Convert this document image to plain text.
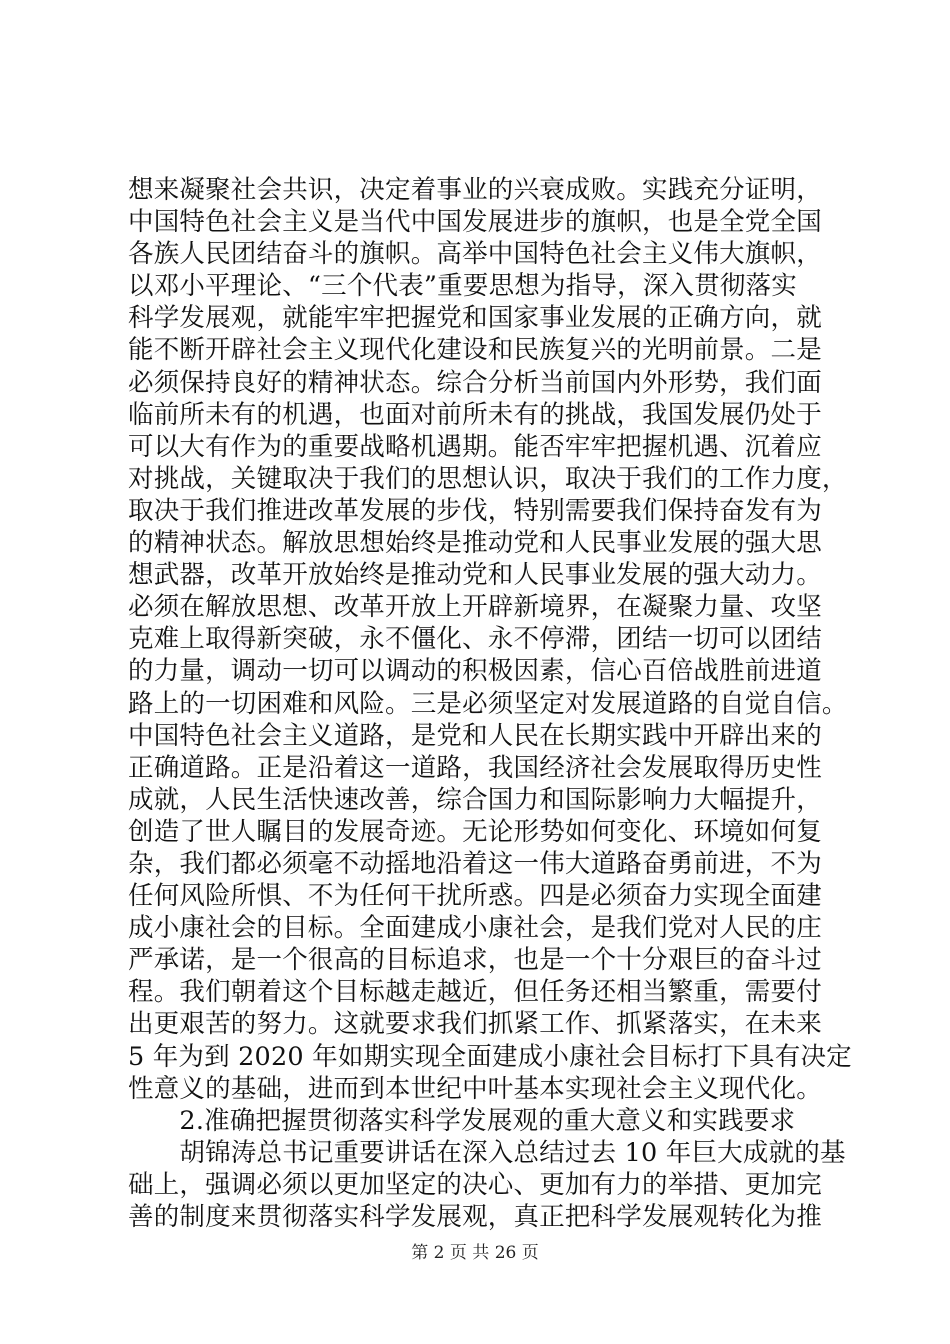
想来凝聚社会共识，决定着事业的兴衰成败。实践充分证明，
中国特色社会主义是当代中国发展进步的旗帜，也是全党全国
各族人民团结奋斗的旗帜。高举中国特色社会主义伟大旗帜，
以邓小平理论、“三个代表”重要思想为指导，深入贯彻落实
科学发展观，就能牢牢把握党和国家事业发展的正确方向，就
能不断开辟社会主义现代化建设和民族复兴的光明前景。二是
必须保持良好的精神状态。综合分析当前国内外形势，我们面
临前所未有的机遇，也面对前所未有的挑战，我国发展仍处于
可以大有作为的重要战略机遇期。能否牢牢把握机遇、沉着应
对挑战，关键取决于我们的思想认识，取决于我们的工作力度，
取决于我们推进改革发展的步伐，特别需要我们保持奋发有为
的精神状态。解放思想始终是推动党和人民事业发展的强大思
想武器，改革开放始终是推动党和人民事业发展的强大动力。
必须在解放思想、改革开放上开辟新境界，在凝聚力量、攻坚
克难上取得新突破，永不僵化、永不停滞，团结一切可以团结
的力量，调动一切可以调动的积极因素，信心百倍战胜前进道
路上的一切困难和风险。三是必须坚定对发展道路的自觉自信。
中国特色社会主义道路，是党和人民在长期实践中开辟出来的
正确道路。正是沿着这一道路，我国经济社会发展取得历史性
成就，人民生活快速改善，综合国力和国际影响力大幅提升，
创造了世人瞩目的发展奇迹。无论形势如何变化、环境如何复
杂，我们都必须毫不动摇地沿着这一伟大道路奋勇前进，不为
任何风险所惧、不为任何干扰所惑。四是必须奋力实现全面建
成小康社会的目标。全面建成小康社会，是我们党对人民的庄
严承诺，是一个很高的目标追求，也是一个十分艰巨的奋斗过
程。我们朝着这个目标越走越近，但任务还相当繁重，需要付
出更艰苦的努力。这就要求我们抓紧工作、抓紧落实，在未来
5 年为到 2020 年如期实现全面建成小康社会目标打下具有决定
性意义的基础，进而到本世纪中叶基本实现社会主义现代化。
　　2.准确把握贯彻落实科学发展观的重大意义和实践要求
　　胡锦涛总书记重要讲话在深入总结过去 10 年巨大成就的基
础上，强调必须以更加坚定的决心、更加有力的举措、更加完
善的制度来贯彻落实科学发展观，真正把科学发展观转化为推
第 2 页 共 26 页
